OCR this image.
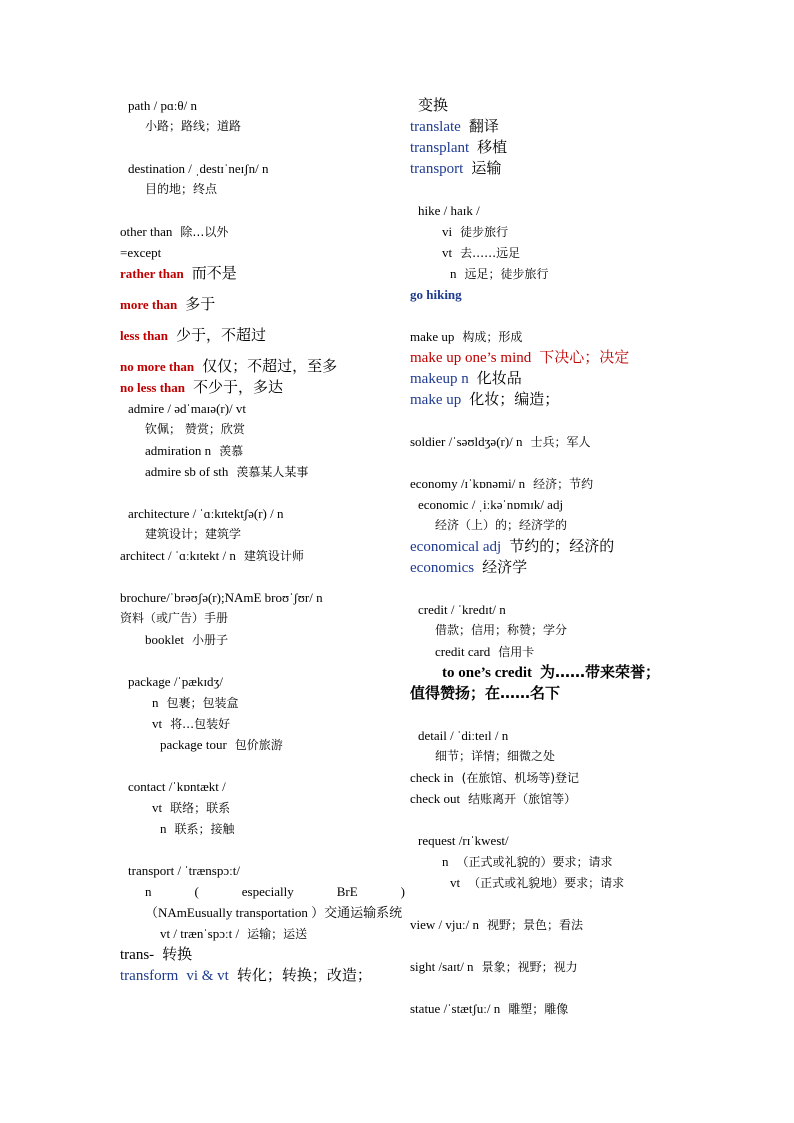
path / pɑːθ/ n
小路；路线；道路
destination / ˌdestɪˈneɪʃn/ n
目的地；终点
other than 除…以外
=except
rather than 而不是
more than 多于
less than 少于，不超过
no more than 仅仅；不超过，至多
no less than 不少于，多达
admire / ədˈmaɪə(r)/ vt
钦佩； 赞赏；欣赏
admiration n 羡慕
admire sb of sth 羡慕某人某事
architecture / ˈɑːkɪtektʃə(r) / n
建筑设计；建筑学
architect / ˈɑːkɪtekt / n 建筑设计师
brochure/ˈbrəʊʃə(r);NAmE broʊˈʃʊr/ n
资料（或广告）手册
booklet 小册子
package /ˈpækɪdʒ/
n 包裹；包装盒
vt 将…包装好
package tour 包价旅游
contact /ˈkɒntækt /
vt 联络；联系
n 联系；接触
transport / ˈtrænspɔːt/
n ( especially BrE )
（NAmEusually transportation ）交通运输系统
vt / trænˈspɔːt / 运输；运送
trans- 转换
transform vi & vt 转化；转换；改造；
变换
translate 翻译
transplant 移植
transport 运输
hike / haɪk /
vi 徒步旅行
vt 去……远足
n 远足；徒步旅行
go hiking
make up 构成；形成
make up one’s mind 下决心；决定
makeup n 化妆品
make up 化妆；编造；
soldier /ˈsəʊldʒə(r)/ n 士兵；军人
economy /ɪˈkɒnəmi/ n 经济；节约
economic / ˌiːkəˈnɒmɪk/ adj
经济（上）的；经济学的
economical adj 节约的；经济的
economics 经济学
credit / ˈkredɪt/ n
借款；信用；称赞；学分
credit card 信用卡
to one’s credit 为……带来荣誉；
值得赞扬；在……名下
detail / ˈdiːteɪl / n
细节；详情；细微之处
check in (在旅馆、机场等)登记
check out 结账离开（旅馆等）
request /rɪˈkwest/
n （正式或礼貌的）要求；请求
vt （正式或礼貌地）要求；请求
view / vjuː/ n 视野；景色；看法
sight /saɪt/ n 景象；视野；视力
statue /ˈstætʃuː/ n 雕塑；雕像
